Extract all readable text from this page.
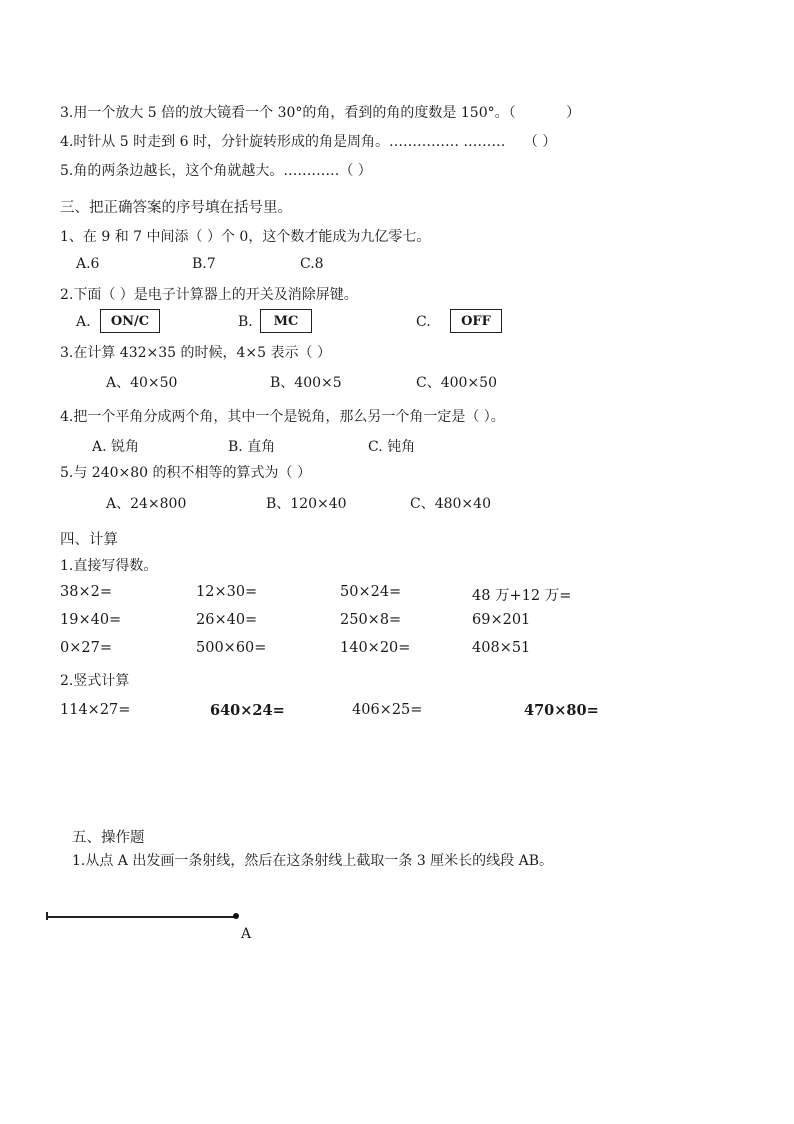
3.用一个放大 5 倍的放大镜看一个 30°的角，看到的角的度数是 150°。（	）
4.时针从 5 时走到 6 时，分针旋转形成的角是周角。…………… ……… （ ）
5.角的两条边越长，这个角就越大。…………（ ）
三、把正确答案的序号填在括号里。
1、在 9 和 7 中间添（ ）个 0，这个数才能成为九亿零七。
A.6	B.7	C.8
2.下面（ ）是电子计算器上的开关及消除屏键。
A.	ON/C	B.	MC	C.	OFF
3.在计算 432×35 的时候，4×5 表示（ ）
A、40×50	B、400×5	C、400×50
4.把一个平角分成两个角，其中一个是锐角，那么另一个角一定是（ ）。
A. 锐角	B. 直角	C. 钝角
5.与 240×80 的积不相等的算式为（ ）
A、24×800	B、120×40	C、480×40
四、计算
1.直接写得数。
38×2=	12×30=	50×24=	48 万+12 万=
19×40=	26×40=	250×8=	69×201
0×27=	500×60=	140×20=	408×51
2.竖式计算
114×27=	640×24=	406×25=	470×80=
五、操作题
1.从点 A 出发画一条射线，然后在这条射线上截取一条 3 厘米长的线段 AB。
A
